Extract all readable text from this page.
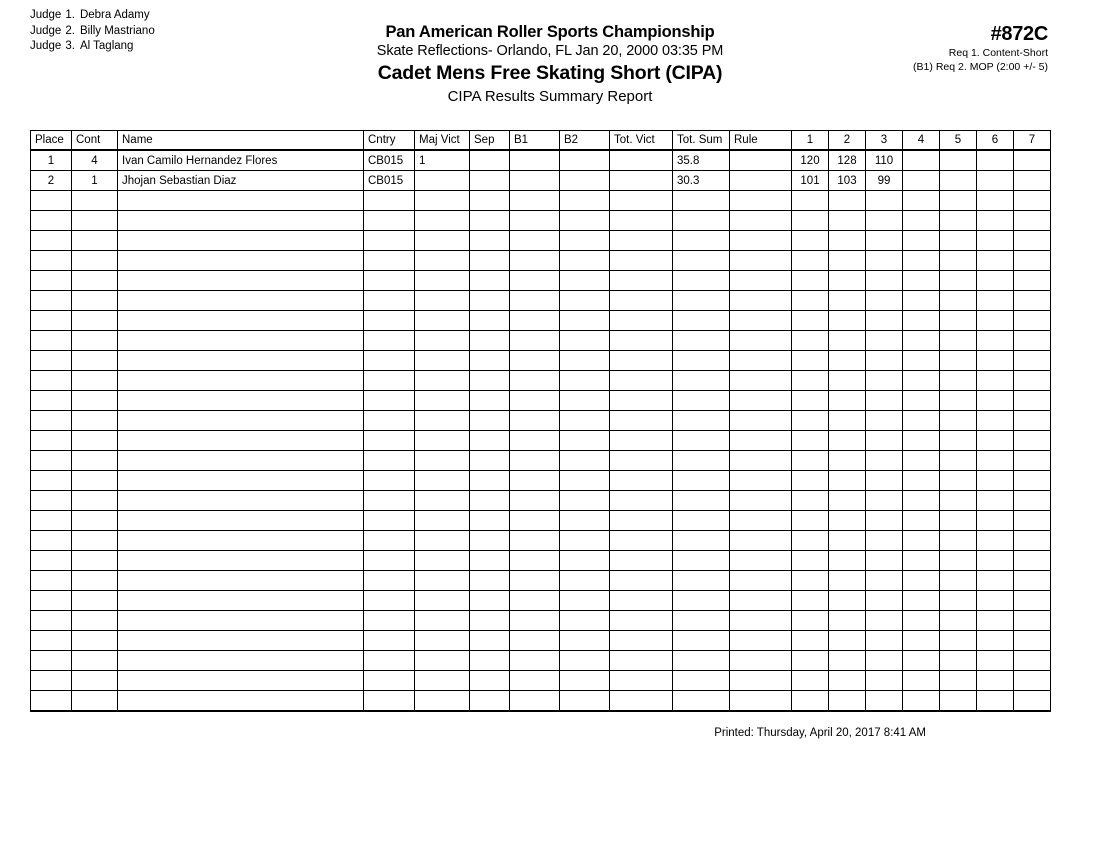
Judge 1. Debra Adamy
Judge 2. Billy Mastriano
Judge 3. Al Taglang
Pan American Roller Sports Championship
Skate Reflections- Orlando, FL Jan 20, 2000 03:35 PM
Cadet Mens Free Skating Short (CIPA)
CIPA Results Summary Report
#872C
Req 1. Content-Short
(B1) Req 2. MOP (2:00 +/- 5)
Place	Cont	Name	Cntry	Maj Vict	Sep	B1	B2	Tot. Vict	Tot. Sum	Rule	1	2	3	4	5	6	7
1	4	Ivan Camilo Hernandez Flores	CB015	1					35.8		120	128	110				
2	1	Jhojan Sebastian Diaz	CB015						30.3		101	103	99				

Printed: Thursday, April 20, 2017 8:41 AM
